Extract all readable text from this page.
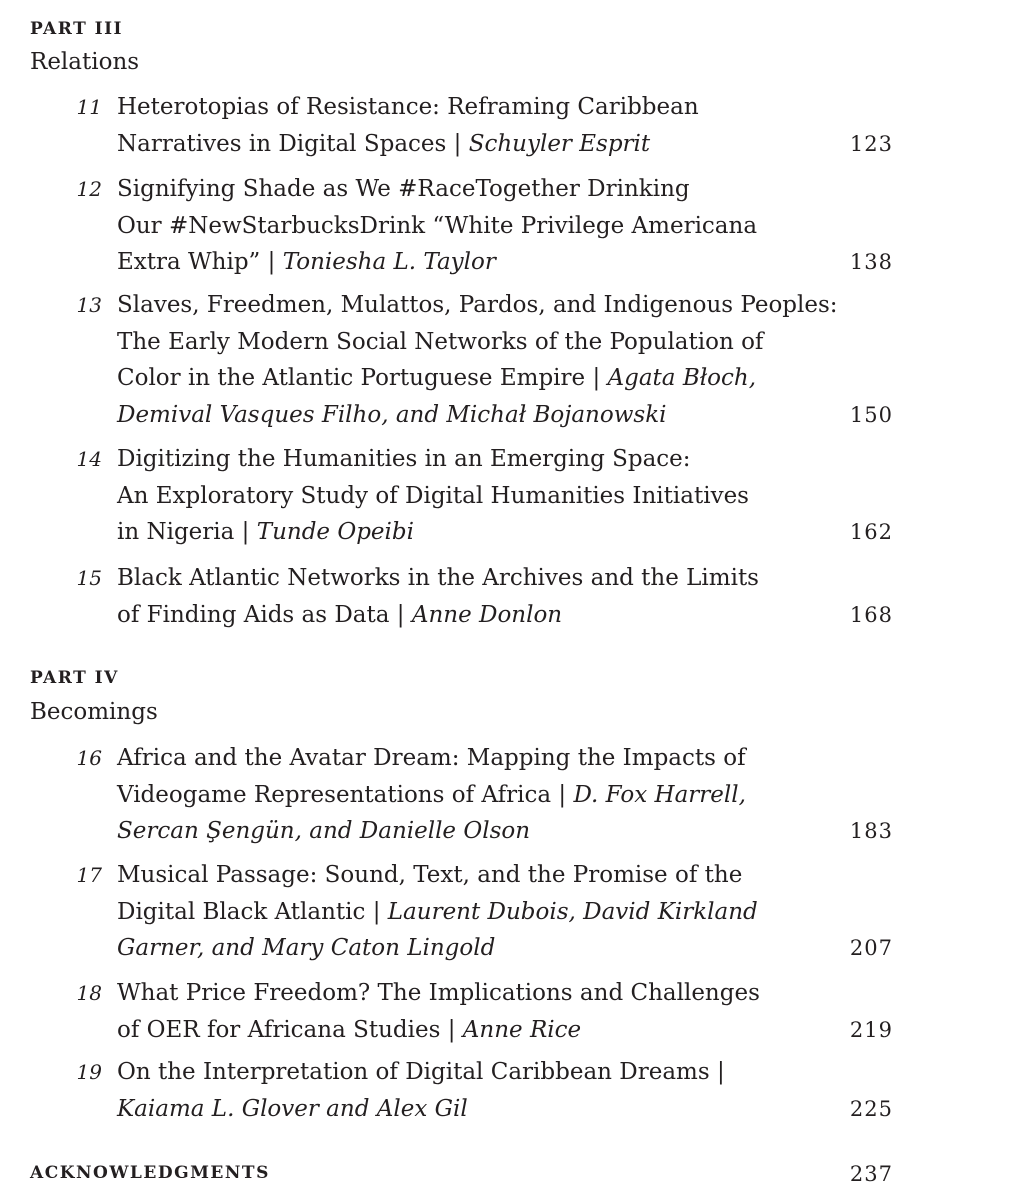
PART III
Relations
11 Heterotopias of Resistance: Reframing Caribbean
Narratives in Digital Spaces | Schuyler Esprit	123
12 Signifying Shade as We #RaceTogether Drinking
Our #NewStarbucksDrink “White Privilege Americana
Extra Whip” | Toniesha L. Taylor	138
13 Slaves, Freedmen, Mulattos, Pardos, and Indigenous Peoples:
The Early Modern Social Networks of the Population of
Color in the Atlantic Portuguese Empire | Agata Błoch,
Demival Vasques Filho, and Michał Bojanowski	150
14 Digitizing the Humanities in an Emerging Space:
An Exploratory Study of Digital Humanities Initiatives
in Nigeria | Tunde Opeibi	162
15 Black Atlantic Networks in the Archives and the Limits
of Finding Aids as Data | Anne Donlon	168
PART IV
Becomings
16 Africa and the Avatar Dream: Mapping the Impacts of
Videogame Representations of Africa | D. Fox Harrell,
Sercan Şengün, and Danielle Olson	183
17 Musical Passage: Sound, Text, and the Promise of the
Digital Black Atlantic | Laurent Dubois, David Kirkland
Garner, and Mary Caton Lingold	207
18 What Price Freedom? The Implications and Challenges
of OER for Africana Studies | Anne Rice	219
19 On the Interpretation of Digital Caribbean Dreams |
Kaiama L. Glover and Alex Gil	225
ACKNOWLEDGMENTS	237
